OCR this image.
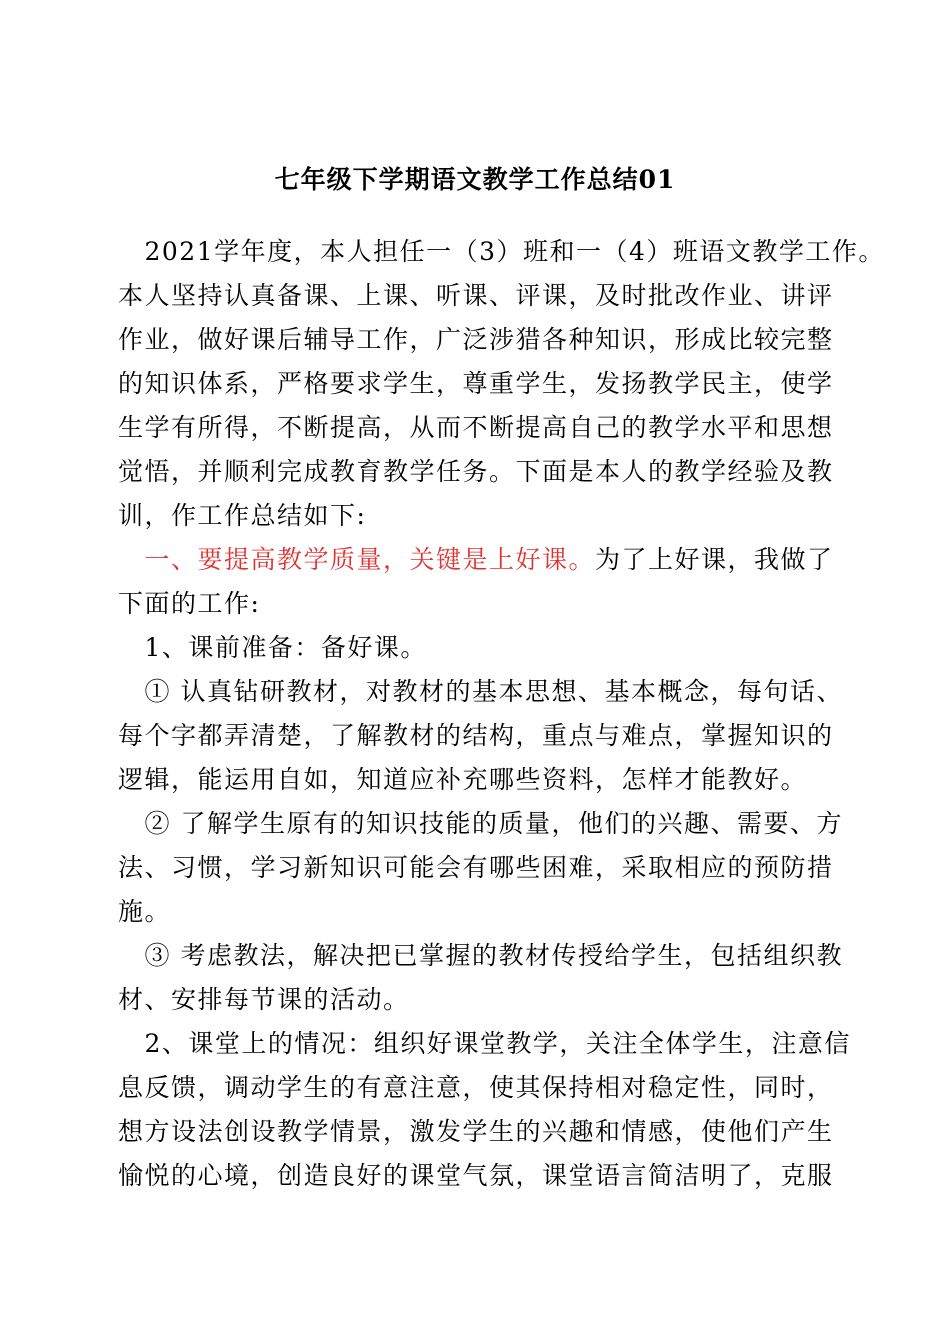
七年级下学期语文教学工作总结01
　2021学年度，本人担任一（3）班和一（4）班语文教学工作。
本人坚持认真备课、上课、听课、评课，及时批改作业、讲评
作业，做好课后辅导工作，广泛涉猎各种知识，形成比较完整
的知识体系，严格要求学生，尊重学生，发扬教学民主，使学
生学有所得，不断提高，从而不断提高自己的教学水平和思想
觉悟，并顺利完成教育教学任务。下面是本人的教学经验及教
训，作工作总结如下:
　一、要提高教学质量，关键是上好课。为了上好课，我做了
下面的工作:
　1、课前准备：备好课。
　① 认真钻研教材，对教材的基本思想、基本概念，每句话、
每个字都弄清楚，了解教材的结构，重点与难点，掌握知识的
逻辑，能运用自如，知道应补充哪些资料，怎样才能教好。
　② 了解学生原有的知识技能的质量，他们的兴趣、需要、方
法、习惯，学习新知识可能会有哪些困难，采取相应的预防措
施。
　③ 考虑教法，解决把已掌握的教材传授给学生，包括组织教
材、安排每节课的活动。
　2、课堂上的情况：组织好课堂教学，关注全体学生，注意信
息反馈，调动学生的有意注意，使其保持相对稳定性，同时，
想方设法创设教学情景，激发学生的兴趣和情感，使他们产生
愉悦的心境，创造良好的课堂气氛，课堂语言简洁明了，克服
